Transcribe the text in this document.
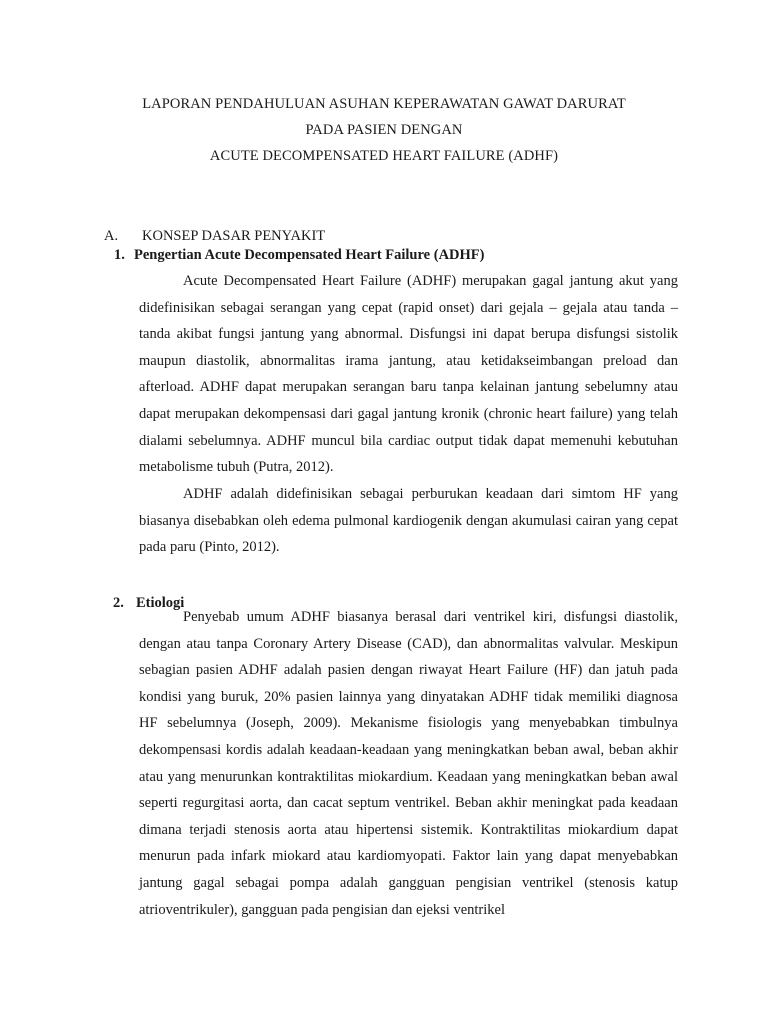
LAPORAN PENDAHULUAN ASUHAN KEPERAWATAN GAWAT DARURAT
PADA PASIEN DENGAN
ACUTE DECOMPENSATED HEART FAILURE (ADHF)
A. KONSEP DASAR PENYAKIT
1. Pengertian Acute Decompensated Heart Failure (ADHF)

Acute Decompensated Heart Failure (ADHF) merupakan gagal jantung akut yang didefinisikan sebagai serangan yang cepat (rapid onset) dari gejala – gejala atau tanda – tanda akibat fungsi jantung yang abnormal. Disfungsi ini dapat berupa disfungsi sistolik maupun diastolik, abnormalitas irama jantung, atau ketidakseimbangan preload dan afterload. ADHF dapat merupakan serangan baru tanpa kelainan jantung sebelumny atau dapat merupakan dekompensasi dari gagal jantung kronik (chronic heart failure) yang telah dialami sebelumnya. ADHF muncul bila cardiac output tidak dapat memenuhi kebutuhan metabolisme tubuh (Putra, 2012).

ADHF adalah didefinisikan sebagai perburukan keadaan dari simtom HF yang biasanya disebabkan oleh edema pulmonal kardiogenik dengan akumulasi cairan yang cepat pada paru (Pinto, 2012).

2. Etiologi

Penyebab umum ADHF biasanya berasal dari ventrikel kiri, disfungsi diastolik, dengan atau tanpa Coronary Artery Disease (CAD), dan abnormalitas valvular. Meskipun sebagian pasien ADHF adalah pasien dengan riwayat Heart Failure (HF) dan jatuh pada kondisi yang buruk, 20% pasien lainnya yang dinyatakan ADHF tidak memiliki diagnosa HF sebelumnya (Joseph, 2009). Mekanisme fisiologis yang menyebabkan timbulnya dekompensasi kordis adalah keadaan-keadaan yang meningkatkan beban awal, beban akhir atau yang menurunkan kontraktilitas miokardium. Keadaan yang meningkatkan beban awal seperti regurgitasi aorta, dan cacat septum ventrikel. Beban akhir meningkat pada keadaan dimana terjadi stenosis aorta atau hipertensi sistemik. Kontraktilitas miokardium dapat menurun pada infark miokard atau kardiomyopati. Faktor lain yang dapat menyebabkan jantung gagal sebagai pompa adalah gangguan pengisian ventrikel (stenosis katup atrioventrikuler), gangguan pada pengisian dan ejeksi ventrikel
